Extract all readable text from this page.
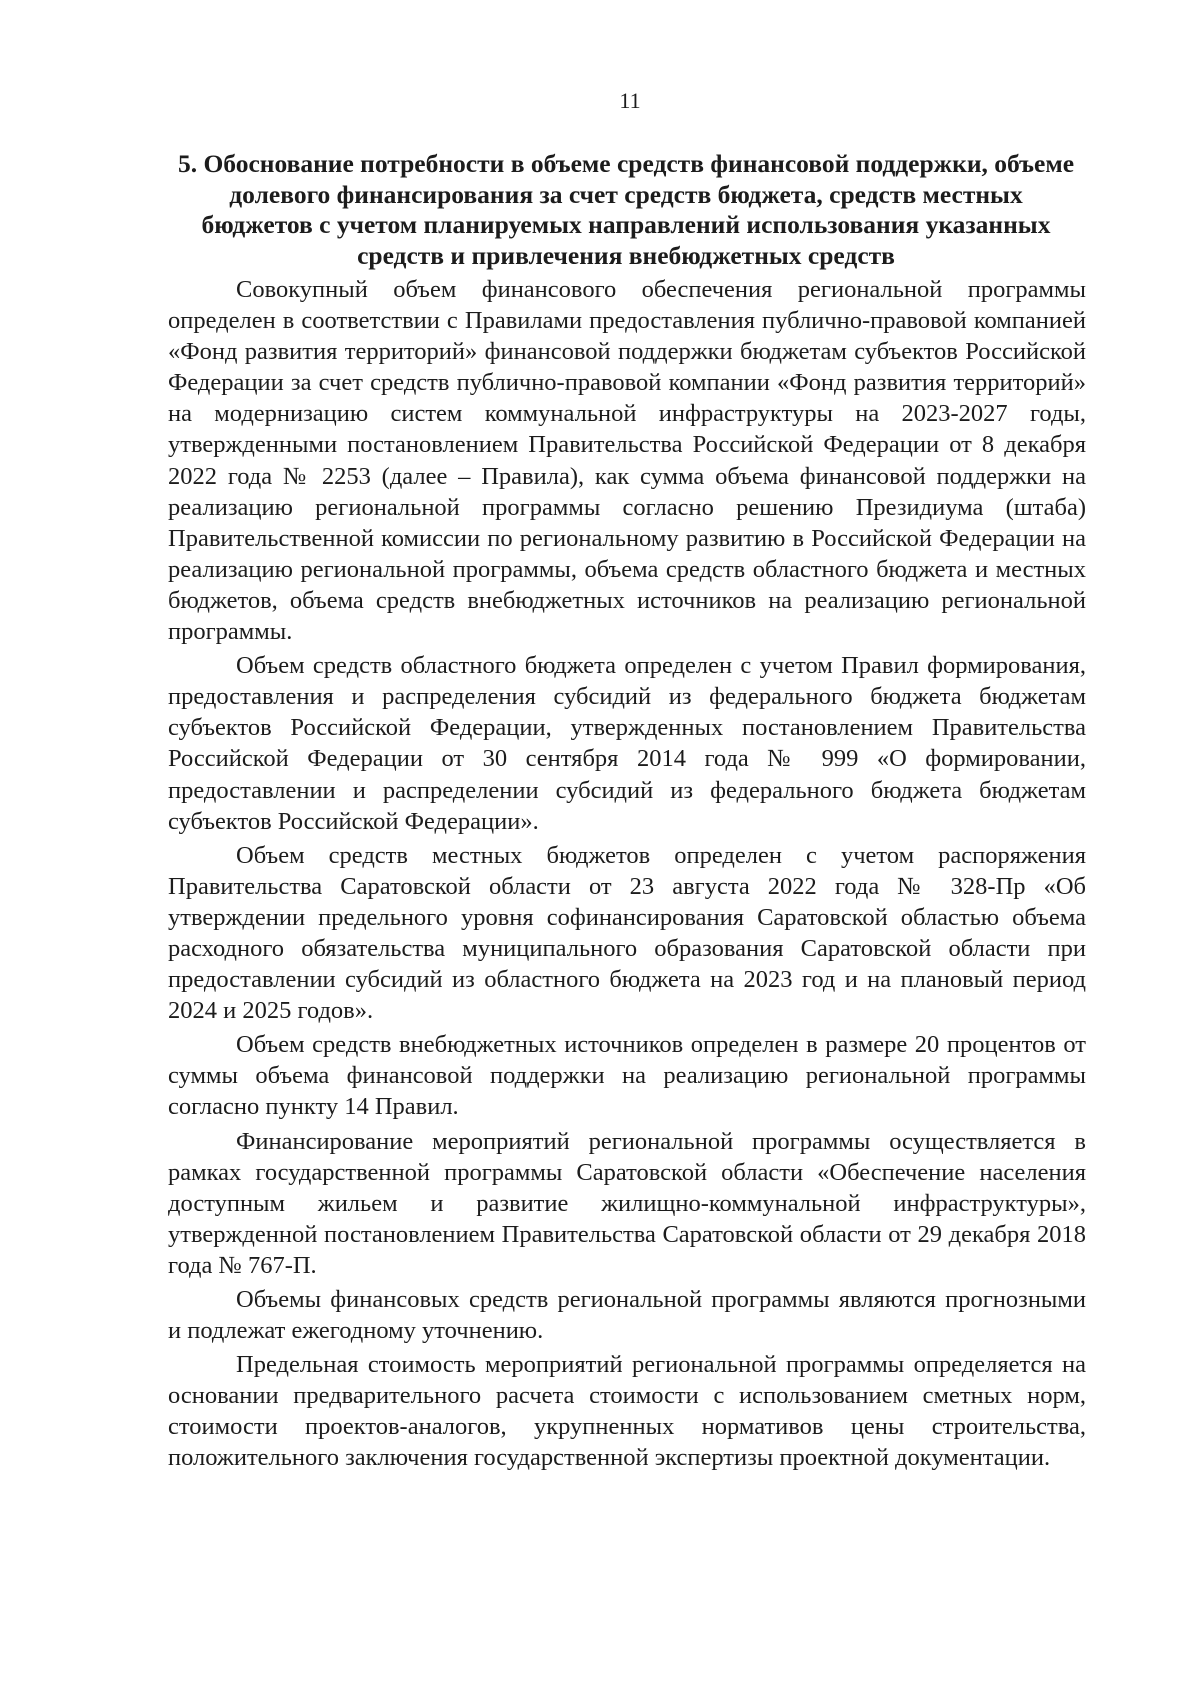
11
5. Обоснование потребности в объеме средств финансовой поддержки, объеме долевого финансирования за счет средств бюджета, средств местных бюджетов с учетом планируемых направлений использования указанных средств и привлечения внебюджетных средств

Совокупный объем финансового обеспечения региональной программы определен в соответствии с Правилами предоставления публично-правовой компанией «Фонд развития территорий» финансовой поддержки бюджетам субъектов Российской Федерации за счет средств публично-правовой компании «Фонд развития территорий» на модернизацию систем коммунальной инфраструктуры на 2023-2027 годы, утвержденными постановлением Правительства Российской Федерации от 8 декабря 2022 года № 2253 (далее – Правила), как сумма объема финансовой поддержки на реализацию региональной программы согласно решению Президиума (штаба) Правительственной комиссии по региональному развитию в Российской Федерации на реализацию региональной программы, объема средств областного бюджета и местных бюджетов, объема средств внебюджетных источников на реализацию региональной программы.

Объем средств областного бюджета определен с учетом Правил формирования, предоставления и распределения субсидий из федерального бюджета бюджетам субъектов Российской Федерации, утвержденных постановлением Правительства Российской Федерации от 30 сентября 2014 года № 999 «О формировании, предоставлении и распределении субсидий из федерального бюджета бюджетам субъектов Российской Федерации».

Объем средств местных бюджетов определен с учетом распоряжения Правительства Саратовской области от 23 августа 2022 года № 328-Пр «Об утверждении предельного уровня софинансирования Саратовской областью объема расходного обязательства муниципального образования Саратовской области при предоставлении субсидий из областного бюджета на 2023 год и на плановый период 2024 и 2025 годов».

Объем средств внебюджетных источников определен в размере 20 процентов от суммы объема финансовой поддержки на реализацию региональной программы согласно пункту 14 Правил.

Финансирование мероприятий региональной программы осуществляется в рамках государственной программы Саратовской области «Обеспечение населения доступным жильем и развитие жилищно-коммунальной инфраструктуры», утвержденной постановлением Правительства Саратовской области от 29 декабря 2018 года № 767-П.

Объемы финансовых средств региональной программы являются прогнозными и подлежат ежегодному уточнению.

Предельная стоимость мероприятий региональной программы определяется на основании предварительного расчета стоимости с использованием сметных норм, стоимости проектов-аналогов, укрупненных нормативов цены строительства, положительного заключения государственной экспертизы проектной документации.
